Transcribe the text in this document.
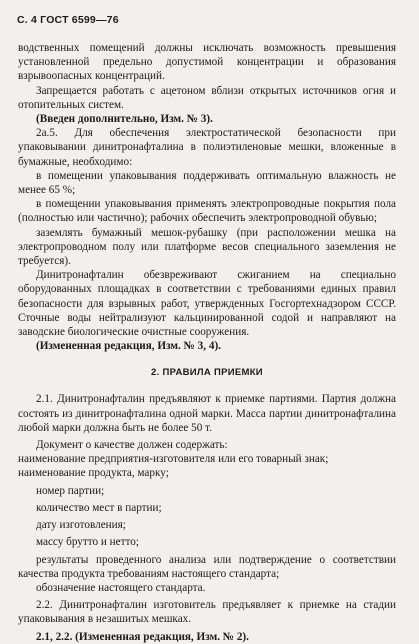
С. 4 ГОСТ 6599—76

водственных помещений должны исключать возможность превышения установленной предельно допустимой концентрации и образования взрывоопасных концентраций.

Запрещается работать с ацетоном вблизи открытых источников огня и отопительных систем.

(Введен дополнительно, Изм. № 3).

2а.5. Для обеспечения электростатической безопасности при упаковывании динитронафталина в полиэтиленовые мешки, вложенные в бумажные, необходимо:

в помещении упаковывания поддерживать оптимальную влажность не менее 65 %;

в помещении упаковывания применять электропроводные покрытия пола (полностью или частично); рабочих обеспечить электропроводной обувью;

заземлять бумажный мешок-рубашку (при расположении мешка на электропроводном полу или платформе весов специального заземления не требуется).

Динитронафталин обезвреживают сжиганием на специально оборудованных площадках в соответствии с требованиями единых правил безопасности для взрывных работ, утвержденных Госгортехнадзором СССР. Сточные воды нейтрализуют кальцинированной содой и направляют на заводские биологические очистные сооружения.

(Измененная редакция, Изм. № 3, 4).

2. ПРАВИЛА ПРИЕМКИ

2.1. Динитронафталин предъявляют к приемке партиями. Партия должна состоять из динитронафталина одной марки. Масса партии динитронафталина любой марки должна быть не более 50 т.

Документ о качестве должен содержать:

наименование предприятия-изготовителя или его товарный знак;

наименование продукта, марку;

номер партии;

количество мест в партии;

дату изготовления;

массу брутто и нетто;

результаты проведенного анализа или подтверждение о соответствии качества продукта требованиям настоящего стандарта;

обозначение настоящего стандарта.

2.2. Динитронафталин изготовитель предъявляет к приемке на стадии упаковывания в незашитых мешках.

2.1, 2.2. (Измененная редакция, Изм. № 2).
